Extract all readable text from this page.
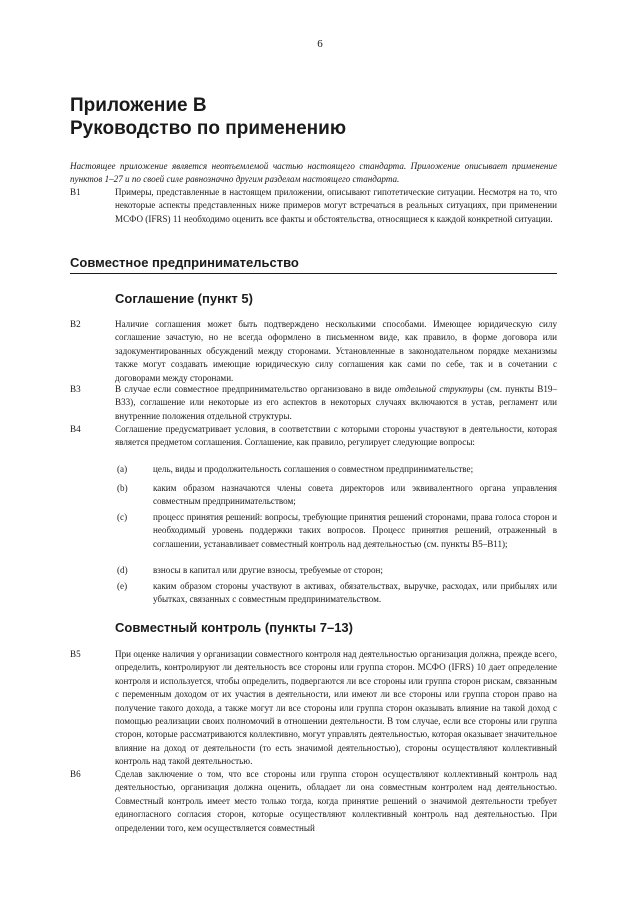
6
Приложение В
Руководство по применению

Настоящее приложение является неотъемлемой частью настоящего стандарта. Приложение описывает применение пунктов 1–27 и по своей силе равнозначно другим разделам настоящего стандарта.

В1	Примеры, представленные в настоящем приложении, описывают гипотетические ситуации. Несмотря на то, что некоторые аспекты представленных ниже примеров могут встречаться в реальных ситуациях, при применении МСФО (IFRS) 11 необходимо оценить все факты и обстоятельства, относящиеся к каждой конкретной ситуации.

Совместное предпринимательство
Соглашение (пункт 5)
В2	Наличие соглашения может быть подтверждено несколькими способами. Имеющее юридическую силу соглашение зачастую, но не всегда оформлено в письменном виде, как правило, в форме договора или задокументированных обсуждений между сторонами. Установленные в законодательном порядке механизмы также могут создавать имеющие юридическую силу соглашения как сами по себе, так и в сочетании с договорами между сторонами.

В3	В случае если совместное предпринимательство организовано в виде отдельной структуры (см. пункты В19–В33), соглашение или некоторые из его аспектов в некоторых случаях включаются в устав, регламент или внутренние положения отдельной структуры.

В4	Соглашение предусматривает условия, в соответствии с которыми стороны участвуют в деятельности, которая является предметом соглашения. Соглашение, как правило, регулирует следующие вопросы:

(a)	цель, виды и продолжительность соглашения о совместном предпринимательстве;

(b)	каким образом назначаются члены совета директоров или эквивалентного органа управления совместным предпринимательством;

(c)	процесс принятия решений: вопросы, требующие принятия решений сторонами, права голоса сторон и необходимый уровень поддержки таких вопросов. Процесс принятия решений, отраженный в соглашении, устанавливает совместный контроль над деятельностью (см. пункты В5–В11);

(d)	взносы в капитал или другие взносы, требуемые от сторон;

(e)	каким образом стороны участвуют в активах, обязательствах, выручке, расходах, или прибылях или убытках, связанных с совместным предпринимательством.

Совместный контроль (пункты 7–13)
В5	При оценке наличия у организации совместного контроля над деятельностью организация должна, прежде всего, определить, контролируют ли деятельность все стороны или группа сторон. МСФО (IFRS) 10 дает определение контроля и используется, чтобы определить, подвергаются ли все стороны или группа сторон рискам, связанным с переменным доходом от их участия в деятельности, или имеют ли все стороны или группа сторон право на получение такого дохода, а также могут ли все стороны или группа сторон оказывать влияние на такой доход с помощью реализации своих полномочий в отношении деятельности. В том случае, если все стороны или группа сторон, которые рассматриваются коллективно, могут управлять деятельностью, которая оказывает значительное влияние на доход от деятельности (то есть значимой деятельностью), стороны осуществляют коллективный контроль над такой деятельностью.

В6	Сделав заключение о том, что все стороны или группа сторон осуществляют коллективный контроль над деятельностью, организация должна оценить, обладает ли она совместным контролем над деятельностью. Совместный контроль имеет место только тогда, когда принятие решений о значимой деятельности требует единогласного согласия сторон, которые осуществляют коллективный контроль над деятельностью. При определении того, кем осуществляется совместный
